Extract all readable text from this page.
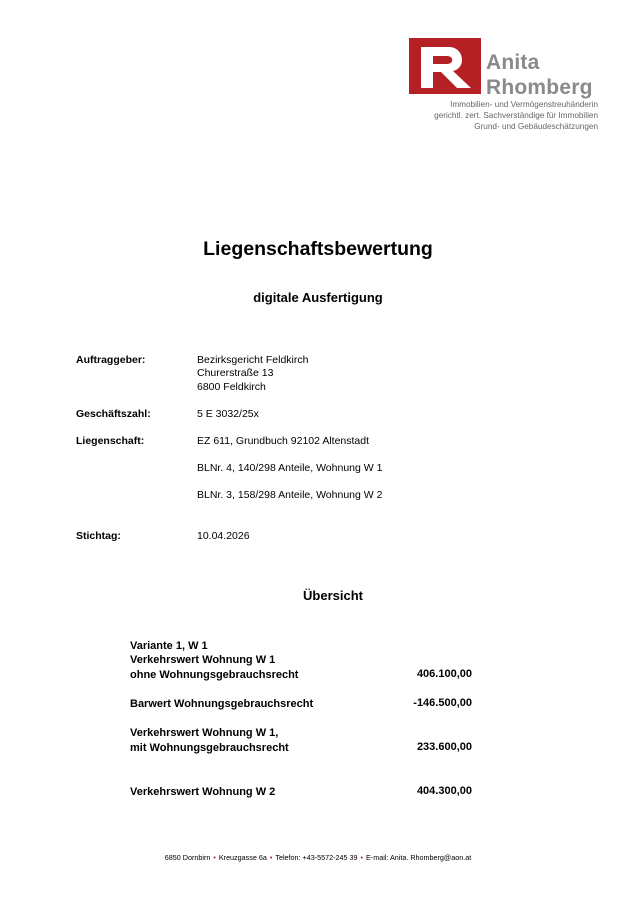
Anita
Rhomberg
Immobilien- und Vermögenstreuhänderin
gerichtl. zert. Sachverständige für Immobilien
Grund- und Gebäudeschätzungen
Liegenschaftsbewertung
digitale Ausfertigung
Auftraggeber:	Bezirksgericht Feldkirch
Churerstraße 13
6800 Feldkirch
Geschäftszahl:	5 E 3032/25x
Liegenschaft:	EZ 611, Grundbuch 92102 Altenstadt
BLNr. 4, 140/298 Anteile, Wohnung W 1
BLNr. 3, 158/298 Anteile, Wohnung W 2
Stichtag:	10.04.2026
Übersicht
Variante 1, W 1
Verkehrswert Wohnung W 1
ohne Wohnungsgebrauchsrecht	406.100,00
Barwert Wohnungsgebrauchsrecht	-146.500,00
Verkehrswert Wohnung W 1,
mit Wohnungsgebrauchsrecht	233.600,00
Verkehrswert Wohnung W 2	404.300,00
6850 Dornbirn • Kreuzgasse 6a • Telefon: +43-5572-245 39 • E-mail: Anita. Rhomberg@aon.at
